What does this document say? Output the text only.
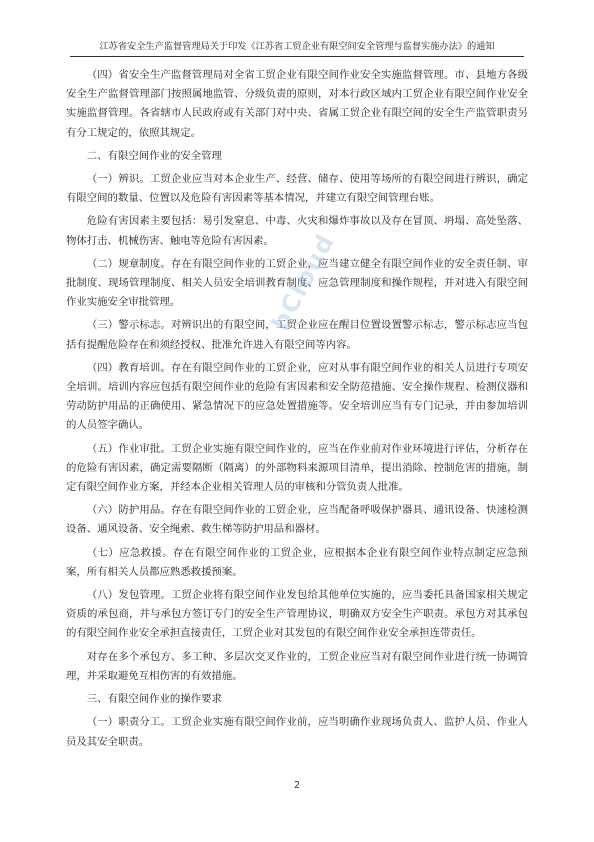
江苏省安全生产监督管理局关于印发《江苏省工贸企业有限空间安全管理与监督实施办法》的通知

（四）省安全生产监督管理局对全省工贸企业有限空间作业安全实施监督管理。市、县地方各级安全生产监督管理部门按照属地监管、分级负责的原则，对本行政区域内工贸企业有限空间作业安全实施监督管理。各省辖市人民政府或有关部门对中央、省属工贸企业有限空间的安全生产监管职责另有分工规定的，依照其规定。

二、有限空间作业的安全管理

（一）辨识。工贸企业应当对本企业生产、经营、储存、使用等场所的有限空间进行辨识，确定有限空间的数量、位置以及危险有害因素等基本情况，并建立有限空间管理台账。

危险有害因素主要包括：易引发窒息、中毒、火灾和爆炸事故以及存在冒顶、坍塌、高处坠落、物体打击、机械伤害、触电等危险有害因素。

（二）规章制度。存在有限空间作业的工贸企业，应当建立健全有限空间作业的安全责任制、审批制度、现场管理制度、相关人员安全培训教育制度、应急管理制度和操作规程，并对进入有限空间作业实施安全审批管理。

（三）警示标志。对辨识出的有限空间，工贸企业应在醒目位置设置警示标志，警示标志应当包括有提醒危险存在和须经授权、批准允许进入有限空间等内容。

（四）教育培训。存在有限空间作业的工贸企业，应对从事有限空间作业的相关人员进行专项安全培训。培训内容应包括有限空间作业的危险有害因素和安全防范措施、安全操作规程、检测仪器和劳动防护用品的正确使用、紧急情况下的应急处置措施等。安全培训应当有专门记录，并由参加培训的人员签字确认。

（五）作业审批。工贸企业实施有限空间作业的，应当在作业前对作业环境进行评估，分析存在的危险有害因素，确定需要隔断（隔离）的外部物料来源项目清单，提出消除、控制危害的措施，制定有限空间作业方案，并经本企业相关管理人员的审核和分管负责人批准。

（六）防护用品。存在有限空间作业的工贸企业，应当配备呼吸保护器具、通讯设备、快速检测设备、通风设备、安全绳索、救生梯等防护用品和器材。

（七）应急救援。存在有限空间作业的工贸企业，应根据本企业有限空间作业特点制定应急预案，所有相关人员都应熟悉救援预案。

（八）发包管理。工贸企业将有限空间作业发包给其他单位实施的，应当委托具备国家相关规定资质的承包商，并与承包方签订专门的安全生产管理协议，明确双方安全生产职责。承包方对其承包的有限空间作业安全承担直接责任，工贸企业对其发包的有限空间作业安全承担连带责任。

对存在多个承包方、多工种、多层次交叉作业的，工贸企业应当对有限空间作业进行统一协调管理，并采取避免互相伤害的有效措施。

三、有限空间作业的操作要求

（一）职责分工。工贸企业实施有限空间作业前，应当明确作业现场负责人、监护人员、作业人员及其安全职责。

bCloud
2
